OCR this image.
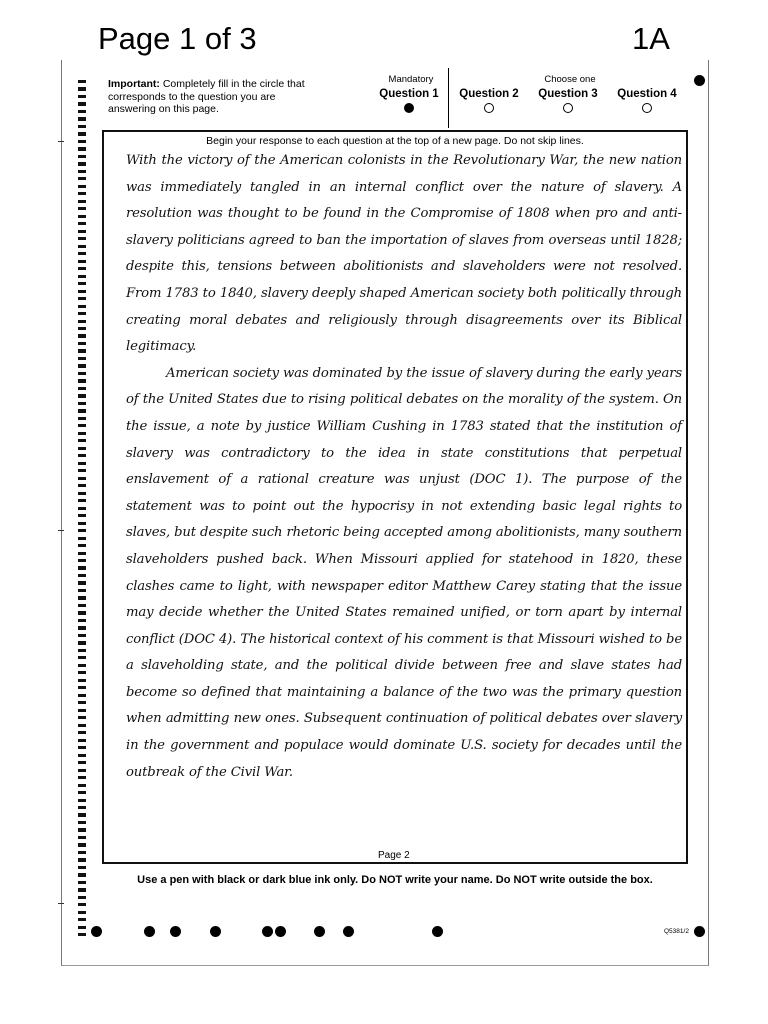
Page 1 of 3	1A
Important: Completely fill in the circle that corresponds to the question you are answering on this page.
Mandatory	Choose one
Question 1	Question 2	Question 3	Question 4
Begin your response to each question at the top of a new page. Do not skip lines.

With the victory of the American colonists in the Revolutionary War, the new nation was immediately tangled in an internal conflict over the nature of slavery. A resolution was thought to be found in the Compromise of 1808 when pro and anti-slavery politicians agreed to ban the importation of slaves from overseas until 1828; despite this, tensions between abolitionists and slaveholders were not resolved. From 1783 to 1840, slavery deeply shaped American society both politically through creating moral debates and religiously through disagreements over its Biblical legitimacy.

American society was dominated by the issue of slavery during the early years of the United States due to rising political debates on the morality of the system. On the issue, a note by justice William Cushing in 1783 stated that the institution of slavery was contradictory to the idea in state constitutions that perpetual enslavement of a rational creature was unjust (DOC 1). The purpose of the statement was to point out the hypocrisy in not extending basic legal rights to slaves, but despite such rhetoric being accepted among abolitionists, many southern slaveholders pushed back. When Missouri applied for statehood in 1820, these clashes came to light, with newspaper editor Matthew Carey stating that the issue may decide whether the United States remained unified, or torn apart by internal conflict (DOC 4). The historical context of his comment is that Missouri wished to be a slaveholding state, and the political divide between free and slave states had become so defined that maintaining a balance of the two was the primary question when admitting new ones. Subsequent continuation of political debates over slavery in the government and populace would dominate U.S. society for decades until the outbreak of the Civil War.

Page 2
Use a pen with black or dark blue ink only. Do NOT write your name. Do NOT write outside the box.
Q5381/2
